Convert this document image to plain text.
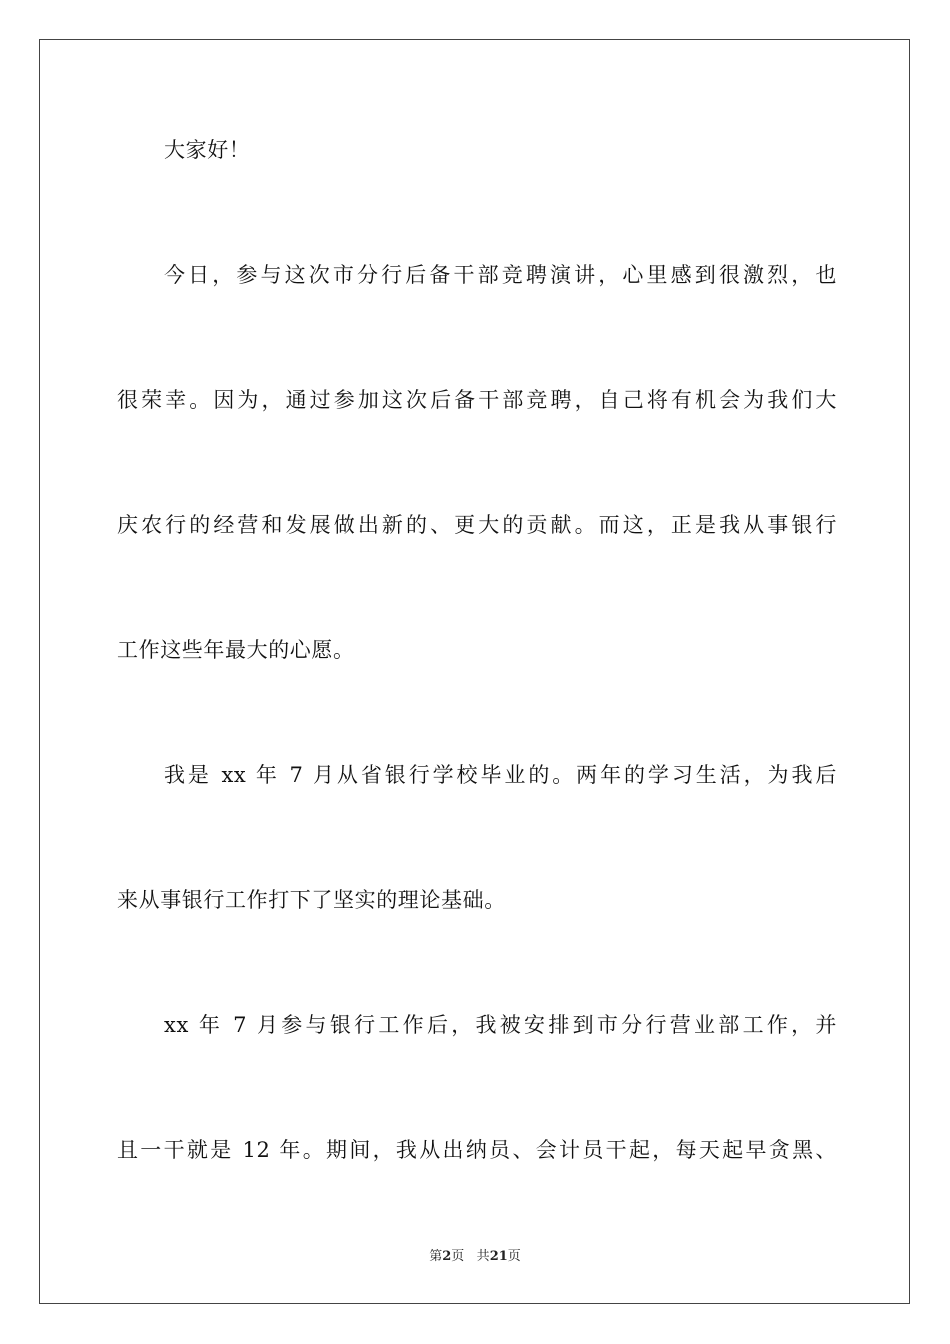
大家好！
今日，参与这次市分行后备干部竞聘演讲，心里感到很激烈，也
很荣幸。因为，通过参加这次后备干部竞聘，自己将有机会为我们大
庆农行的经营和发展做出新的、更大的贡献。而这，正是我从事银行
工作这些年最大的心愿。
我是 xx 年 7 月从省银行学校毕业的。两年的学习生活，为我后
来从事银行工作打下了坚实的理论基础。
xx 年 7 月参与银行工作后，我被安排到市分行营业部工作，并
且一干就是 12 年。期间，我从出纳员、会计员干起，每天起早贪黑、
第2页 共21页
